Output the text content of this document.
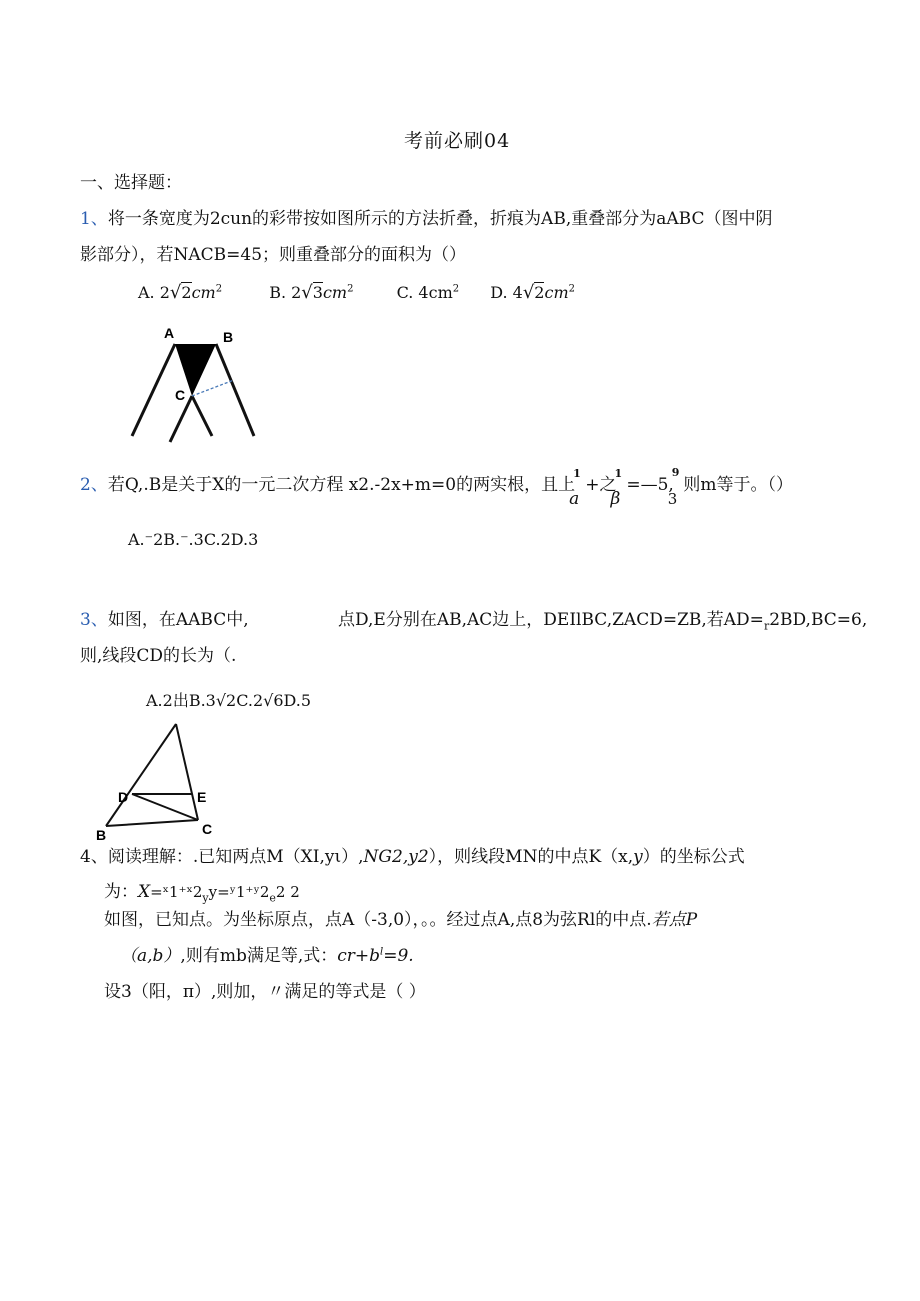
考前必刷04
一、选择题：
1、将一条宽度为2cun的彩带按如图所示的方法折叠，折痕为AB,重叠部分为aABC（图中阴
影部分），若NACB=45；则重叠部分的面积为（）
A. $2√2cm^2$	B. $2√3cm^2$	C. $4cm^2$ D. $4√2cm^2$
A	B
C
2、若Q,.B是关于X的一元二次方程 x2.-2x+m=0的两实根，且上
1
a+之
1
β=—5,
9
3则m等于。（）
A.⁻2B.⁻.3C.2D.3
3、如图，在AABC中,	点D,E分别在AB,AC边上，DEIlBC,ZACD=ZB,若$AD=_r2BD,BC=6$,
则,线段CD的长为（.
A.2出B.3√2C.2√6D.5
D	E
B	C
4、阅读理解：.已知两点M（XI,yι）,NG2,y2），则线段MN的中点K（x,y）的坐标公式
为：$X=ˣ1^+ˣ2_yy=ʸ1^+ʸ2_e2$ 2
如图，已知点。为坐标原点，点A（-3,0），。。经过点A,点8为弦Rl的中点.若点P
（a,b）,则有mb满足等,式：$cr+b^l=9$.
设3（阳，π）,则加，〃满足的等式是（ ）
